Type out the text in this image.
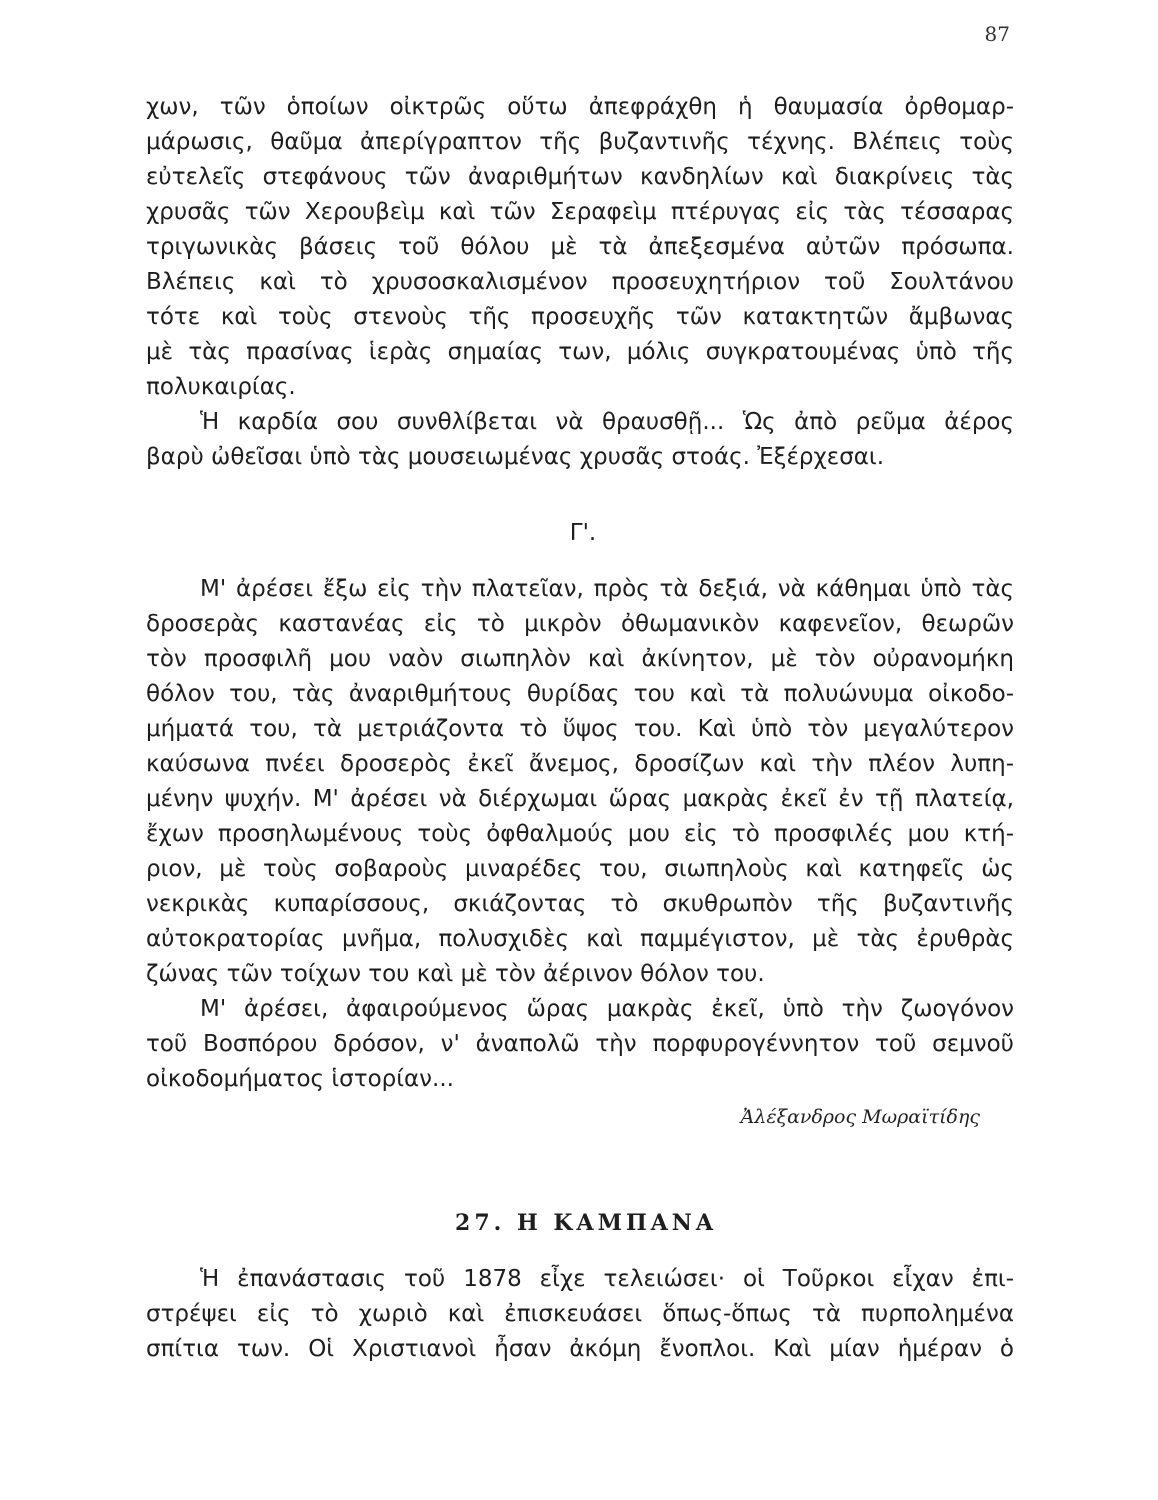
87
χων, τῶν ὁποίων οἰκτρῶς οὕτω ἀπεφράχθη ἡ θαυμασία ὀρθομαρ-
μάρωσις, θαῦμα ἀπερίγραπτον τῆς βυζαντινῆς τέχνης. Βλέπεις τοὺς
εὐτελεῖς στεφάνους τῶν ἀναριθμήτων κανδηλίων καὶ διακρίνεις τὰς
χρυσᾶς τῶν Χερουβεὶμ καὶ τῶν Σεραφεὶμ πτέρυγας εἰς τὰς τέσσαρας
τριγωνικὰς βάσεις τοῦ θόλου μὲ τὰ ἀπεξεσμένα αὐτῶν πρόσωπα.
Βλέπεις καὶ τὸ χρυσοσκαλισμένον προσευχητήριον τοῦ Σουλτάνου
τότε καὶ τοὺς στενοὺς τῆς προσευχῆς τῶν κατακτητῶν ἄμβωνας
μὲ τὰς πρασίνας ἱερὰς σημαίας των, μόλις συγκρατουμένας ὑπὸ τῆς
πολυκαιρίας.
Ἡ καρδία σου συνθλίβεται νὰ θραυσθῇ... Ὡς ἀπὸ ρεῦμα ἀέρος
βαρὺ ὠθεῖσαι ὑπὸ τὰς μουσειωμένας χρυσᾶς στοάς. Ἐξέρχεσαι.
Γ'.
Μ' ἀρέσει ἔξω εἰς τὴν πλατεῖαν, πρὸς τὰ δεξιά, νὰ κάθημαι ὑπὸ τὰς
δροσερὰς καστανέας εἰς τὸ μικρὸν ὀθωμανικὸν καφενεῖον, θεωρῶν
τὸν προσφιλῆ μου ναὸν σιωπηλὸν καὶ ἀκίνητον, μὲ τὸν οὐρανομήκη
θόλον του, τὰς ἀναριθμήτους θυρίδας του καὶ τὰ πολυώνυμα οἰκοδο-
μήματά του, τὰ μετριάζοντα τὸ ὕψος του. Καὶ ὑπὸ τὸν μεγαλύτερον
καύσωνα πνέει δροσερὸς ἐκεῖ ἄνεμος, δροσίζων καὶ τὴν πλέον λυπη-
μένην ψυχήν. Μ' ἀρέσει νὰ διέρχωμαι ὥρας μακρὰς ἐκεῖ ἐν τῇ πλατείᾳ,
ἔχων προσηλωμένους τοὺς ὀφθαλμούς μου εἰς τὸ προσφιλές μου κτή-
ριον, μὲ τοὺς σοβαροὺς μιναρέδες του, σιωπηλοὺς καὶ κατηφεῖς ὡς
νεκρικὰς κυπαρίσσους, σκιάζοντας τὸ σκυθρωπὸν τῆς βυζαντινῆς
αὐτοκρατορίας μνῆμα, πολυσχιδὲς καὶ παμμέγιστον, μὲ τὰς ἐρυθρὰς
ζώνας τῶν τοίχων του καὶ μὲ τὸν ἀέρινον θόλον του.
Μ' ἀρέσει, ἀφαιρούμενος ὥρας μακρὰς ἐκεῖ, ὑπὸ τὴν ζωογόνον
τοῦ Βοσπόρου δρόσον, ν' ἀναπολῶ τὴν πορφυρογέννητον τοῦ σεμνοῦ
οἰκοδομήματος ἱστορίαν...
Ἀλέξανδρος Μωραϊτίδης
27. Η ΚΑΜΠΑΝΑ
Ἡ ἐπανάστασις τοῦ 1878 εἶχε τελειώσει· οἱ Τοῦρκοι εἶχαν ἐπι-
στρέψει εἰς τὸ χωριὸ καὶ ἐπισκευάσει ὅπως-ὅπως τὰ πυρπολημένα
σπίτια των. Οἱ Χριστιανοὶ ἦσαν ἀκόμη ἔνοπλοι. Καὶ μίαν ἡμέραν ὁ
